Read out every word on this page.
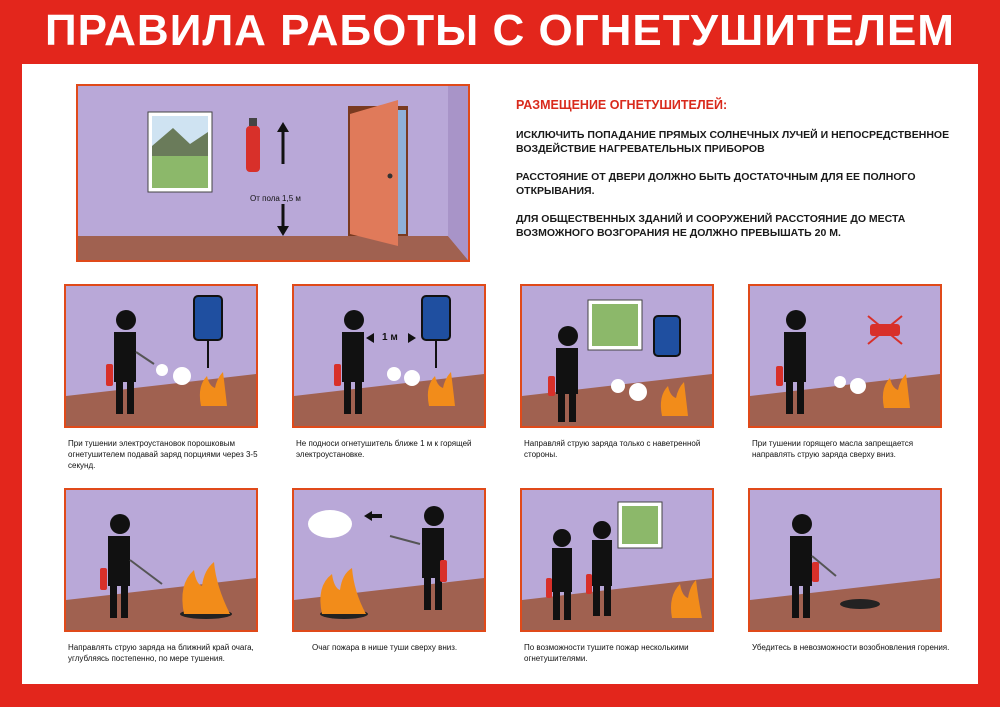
ПРАВИЛА РАБОТЫ С ОГНЕТУШИТЕЛЕМ
От пола 1,5 м
РАЗМЕЩЕНИЕ ОГНЕТУШИТЕЛЕЙ:

ИСКЛЮЧИТЬ ПОПАДАНИЕ ПРЯМЫХ СОЛНЕЧНЫХ ЛУЧЕЙ И НЕПОСРЕДСТВЕННОЕ ВОЗДЕЙСТВИЕ НАГРЕВАТЕЛЬНЫХ ПРИБОРОВ

РАССТОЯНИЕ ОТ ДВЕРИ ДОЛЖНО БЫТЬ ДОСТАТОЧНЫМ ДЛЯ ЕЕ ПОЛНОГО ОТКРЫВАНИЯ.

ДЛЯ ОБЩЕСТВЕННЫХ ЗДАНИЙ И СООРУЖЕНИЙ РАССТОЯНИЕ ДО МЕСТА ВОЗМОЖНОГО ВОЗГОРАНИЯ НЕ ДОЛЖНО ПРЕВЫШАТЬ 20 М.

При тушении электроустановок порошковым огнетушителем подавай заряд порциями через 3-5 секунд.
1 м
Не подноси огнетушитель ближе 1 м к горящей электроустановке.
Направляй струю заряда только с наветренной стороны.
При тушении горящего масла запрещается направлять струю заряда сверху вниз.
Направлять струю заряда на ближний край очага, углубляясь постепенно, по мере тушения.
Очаг пожара в нише туши сверху вниз.	По возможности тушите пожар несколькими огнетушителями.
Убедитесь в невозможности возобновления горения.
